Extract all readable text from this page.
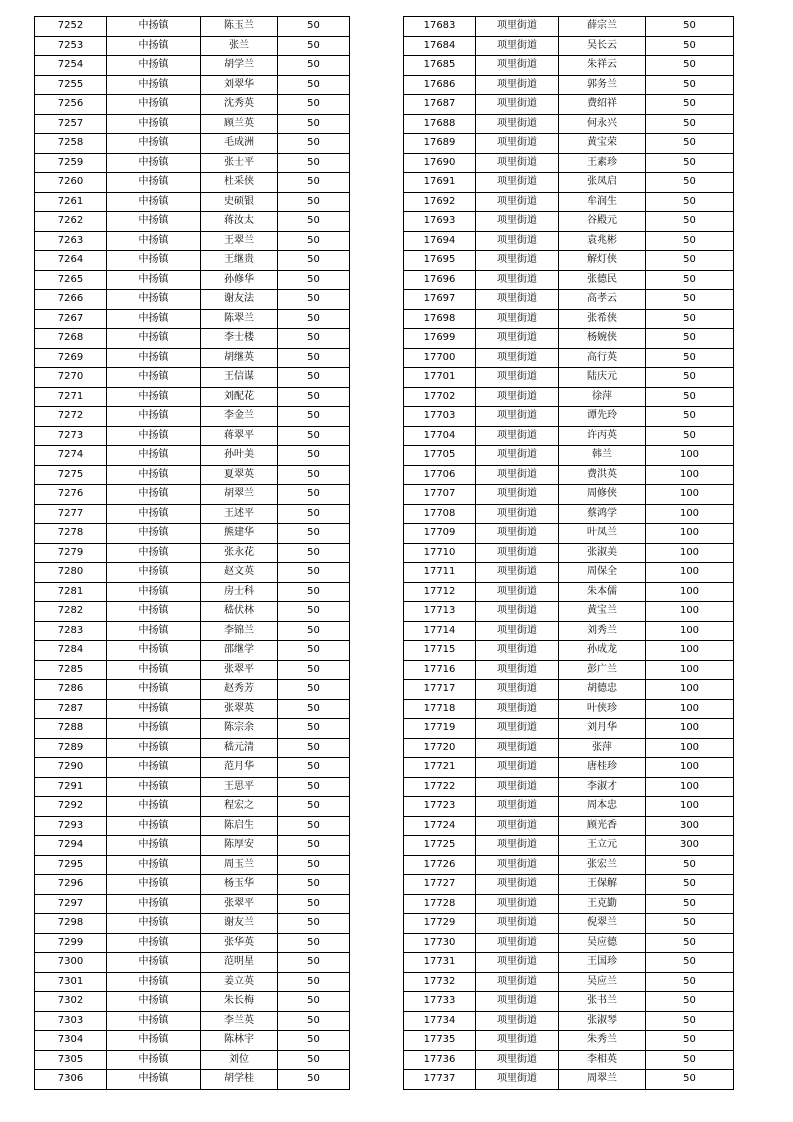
7252	中扬镇	陈玉兰	50
7253	中扬镇	张兰	50
7254	中扬镇	胡学兰	50
7255	中扬镇	刘翠华	50
7256	中扬镇	沈秀英	50
7257	中扬镇	顾兰英	50
7258	中扬镇	毛成洲	50
7259	中扬镇	张士平	50
7260	中扬镇	杜采侠	50
7261	中扬镇	史硕银	50
7262	中扬镇	蒋汝太	50
7263	中扬镇	王翠兰	50
7264	中扬镇	王继贵	50
7265	中扬镇	孙修华	50
7266	中扬镇	谢友法	50
7267	中扬镇	陈翠兰	50
7268	中扬镇	李士楼	50
7269	中扬镇	胡继英	50
7270	中扬镇	王信谋	50
7271	中扬镇	刘配花	50
7272	中扬镇	李金兰	50
7273	中扬镇	蒋翠平	50
7274	中扬镇	孙叶美	50
7275	中扬镇	夏翠英	50
7276	中扬镇	胡翠兰	50
7277	中扬镇	王述平	50
7278	中扬镇	熊建华	50
7279	中扬镇	张永花	50
7280	中扬镇	赵文英	50
7281	中扬镇	房士科	50
7282	中扬镇	嵇伏林	50
7283	中扬镇	李锦兰	50
7284	中扬镇	邵继学	50
7285	中扬镇	张翠平	50
7286	中扬镇	赵秀芳	50
7287	中扬镇	张翠英	50
7288	中扬镇	陈宗余	50
7289	中扬镇	嵇元清	50
7290	中扬镇	范月华	50
7291	中扬镇	王思平	50
7292	中扬镇	程宏之	50
7293	中扬镇	陈启生	50
7294	中扬镇	陈厚安	50
7295	中扬镇	周玉兰	50
7296	中扬镇	杨玉华	50
7297	中扬镇	张翠平	50
7298	中扬镇	谢友兰	50
7299	中扬镇	张华英	50
7300	中扬镇	范明星	50
7301	中扬镇	姜立英	50
7302	中扬镇	朱长梅	50
7303	中扬镇	李兰英	50
7304	中扬镇	陈林宇	50
7305	中扬镇	刘位	50
7306	中扬镇	胡学桂	50
17683	项里街道	薛宗兰	50
17684	项里街道	吴长云	50
17685	项里街道	朱祥云	50
17686	项里街道	郭务兰	50
17687	项里街道	费绍祥	50
17688	项里街道	何永兴	50
17689	项里街道	黄宝荣	50
17690	项里街道	王素珍	50
17691	项里街道	张凤启	50
17692	项里街道	牟润生	50
17693	项里街道	谷殿元	50
17694	项里街道	袁兆彬	50
17695	项里街道	解灯侠	50
17696	项里街道	张德民	50
17697	项里街道	高孝云	50
17698	项里街道	张希侠	50
17699	项里街道	杨婉侠	50
17700	项里街道	高行英	50
17701	项里街道	陆庆元	50
17702	项里街道	徐萍	50
17703	项里街道	谭先玲	50
17704	项里街道	许丙英	50
17705	项里街道	韩兰	100
17706	项里街道	费洪英	100
17707	项里街道	周修侠	100
17708	项里街道	蔡鸿学	100
17709	项里街道	叶凤兰	100
17710	项里街道	张淑美	100
17711	项里街道	周保全	100
17712	项里街道	朱本儒	100
17713	项里街道	黄宝兰	100
17714	项里街道	刘秀兰	100
17715	项里街道	孙成龙	100
17716	项里街道	彭广兰	100
17717	项里街道	胡德忠	100
17718	项里街道	叶侠珍	100
17719	项里街道	刘月华	100
17720	项里街道	张萍	100
17721	项里街道	唐桂珍	100
17722	项里街道	李淑才	100
17723	项里街道	周本忠	100
17724	项里街道	顾光香	300
17725	项里街道	王立元	300
17726	项里街道	张宏兰	50
17727	项里街道	王保解	50
17728	项里街道	王克勤	50
17729	项里街道	倪翠兰	50
17730	项里街道	吴应德	50
17731	项里街道	王国珍	50
17732	项里街道	吴应兰	50
17733	项里街道	张书兰	50
17734	项里街道	张淑琴	50
17735	项里街道	朱秀兰	50
17736	项里街道	李相英	50
17737	项里街道	周翠兰	50
